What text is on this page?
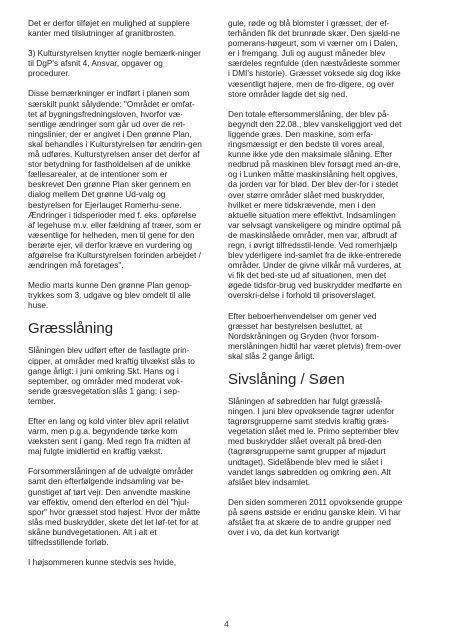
Det er derfor tilføjet en mulighed at supplere kanter med tilslutninger af granitbrosten.

3) Kulturstyrelsen knytter nogle bemærk-ninger til DgP's afsnit 4, Ansvar, opgaver og procedurer.

Disse bemærkninger er indført i planen som særskilt punkt sålydende: "Området er omfat-tet af bygningsfredningsloven, hvorfor væ-sentlige ændringer som går ud over de ret-ningslinier, der er angivet i Den grønne Plan, skal behandles i Kulturstyrelsen før ændrin-gen må udføres. Kulturstyrelsen anser det derfor af stor betydning for fastholdelsen af de unikke fællesarealer, at de intentioner som er beskrevet Den grønne Plan sker gennem en dialog mellem Det grønne Ud-valg og bestyrelsen for Ejerlauget Romerhu-sene. Ændringer i tidsperioder med f. eks. opførelse af legehuse m.v. eller fældning af træer, som er væsentlige for helheden, men til gene for den berørte ejer, vil derfor kræve en vurdering og afgørelse fra Kulturstyrelsen forinden arbejdet / ændringen må foretages".

Medio marts kunne Den grønne Plan genop-trykkes som 3. udgave og blev omdelt til alle huse.

Græsslåning

Slåningen blev udført efter de fastlagte prin-cipper, at områder med kraftig tilvækst slås to gange årligt: i juni omkring Skt. Hans og i september, og områder med moderat vok-sende græsvegetation slås 1 gang: i sep-tember.

Efter en lang og kold vinter blev april relativt varm, men p.g.a. begyndende tørke kom væksten sent i gang. Med regn fra midten af maj fulgte imidlertid en kraftig vækst.

Forsommerslåningen af de udvalgte områder samt den efterfølgende indsamling var be-gunstiget af tørt vejr. Den anvendte maskine var effektiv, omend den efterlod en del "hjul-spor" hvor græsset stod højest. Hvor der måtte slås med buskrydder, skete det let løf-tet for at skåne bundvegetationen. Alt i alt et tilfredsstillende forløb.

I højsommeren kunne stedvis ses hvide,

gule, røde og blå blomster i græsset, der ef-terhånden fik det brunrøde skær. Den sjæld-ne pomerans-høgeurt, som vi værner om i Dalen, er i fremgang. Juli og august måneder blev særdeles regnfulde (den næstvådeste sommer i DMI's historie). Græsset voksede sig dog ikke væsentligt højere, men de fro-digere, og over store områder lagde det sig ned.

Den totale eftersommerslåning, der blev på-begyndt den 22.08., blev vanskeliggjort ved det liggende græs. Den maskine, som erfa-ringsmæssigt er den bedste til vores areal, kunne ikke yde den maksimale slåning. Efter nedbrud på maskinen blev forsøgt med an-dre, og i Lunken måtte maskinslåning helt opgives, da jorden var for blød. Der blev der-for i stedet over større områder slået med buskrydder, hvilket er mere tidskrævende, men i den aktuelle situation mere effektivt. Indsamlingen var selvsagt vanskeligere og mindre optimal på de maskinslåede områder, men var, afbrudt af regn, i øvrigt tilfredsstil-lende. Ved romerhjælp blev yderligere ind-samlet fra de ikke-entrerede områder. Under de givne vilkår må vurderes, at vi fik det bed-ste ud af situationen, men det øgede tidsfor-brug ved buskrydder medførte en overskri-delse i forhold til prisoverslaget.

Efter beboerhenvendelser om gener ved græsset har bestyrelsen besluttet, at Nordskråningen og Gryden (hvor forsom-merslåningen hidtil har været pletvis) frem-over skal slås 2 gange årligt.

Sivslåning / Søen

Slåningen af søbredden har fulgt græsslå-ningen. I juni blev opvoksende tagrør udenfor tagrørsgrupperne samt stedvis kraftig græs-vegetation slået med le. Primo september blev med buskrydder slået overalt på bred-den (tagrørsgrupperne samt grupper af mjødurt undtaget). Sidelåbende blev med le slået i vandet langs søbredden og omkring øen. Alt afslået blev indsamlet.

Den siden sommeren 2011 opvoksende gruppe på søens østside er endnu ganske klein. Vi har afstået fra at skære de to andre grupper ned over i vo, da det kun kortvarigt

4
